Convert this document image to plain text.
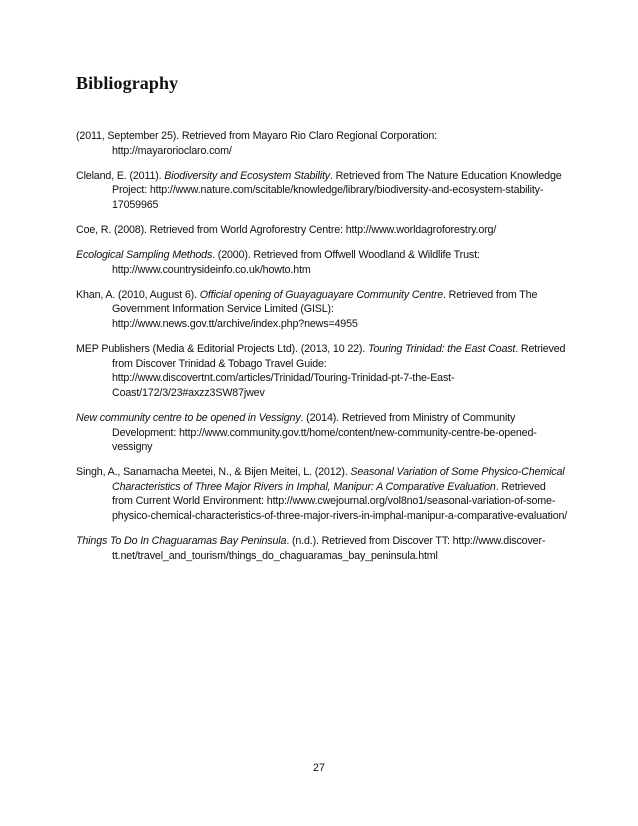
Bibliography
(2011, September 25). Retrieved from Mayaro Rio Claro Regional Corporation:
http://mayarorioclaro.com/
Cleland, E. (2011). Biodiversity and Ecosystem Stability. Retrieved from The Nature Education Knowledge Project: http://www.nature.com/scitable/knowledge/library/biodiversity-and-ecosystem-stability-17059965
Coe, R. (2008). Retrieved from World Agroforestry Centre: http://www.worldagroforestry.org/
Ecological Sampling Methods. (2000). Retrieved from Offwell Woodland & Wildlife Trust:
http://www.countrysideinfo.co.uk/howto.htm
Khan, A. (2010, August 6). Official opening of Guayaguayare Community Centre. Retrieved from The Government Information Service Limited (GISL):
http://www.news.gov.tt/archive/index.php?news=4955
MEP Publishers (Media & Editorial Projects Ltd). (2013, 10 22). Touring Trinidad: the East Coast. Retrieved from Discover Trinidad & Tobago Travel Guide:
http://www.discovertnt.com/articles/Trinidad/Touring-Trinidad-pt-7-the-East-Coast/172/3/23#axzz3SW87jwev
New community centre to be opened in Vessigny. (2014). Retrieved from Ministry of Community Development: http://www.community.gov.tt/home/content/new-community-centre-be-opened-vessigny
Singh, A., Sanamacha Meetei, N., & Bijen Meitei, L. (2012). Seasonal Variation of Some Physico-Chemical Characteristics of Three Major Rivers in Imphal, Manipur: A Comparative Evaluation. Retrieved from Current World Environment: http://www.cwejournal.org/vol8no1/seasonal-variation-of-some-physico-chemical-characteristics-of-three-major-rivers-in-imphal-manipur-a-comparative-evaluation/
Things To Do In Chaguaramas Bay Peninsula. (n.d.). Retrieved from Discover TT: http://www.discover-tt.net/travel_and_tourism/things_do_chaguaramas_bay_peninsula.html
27
